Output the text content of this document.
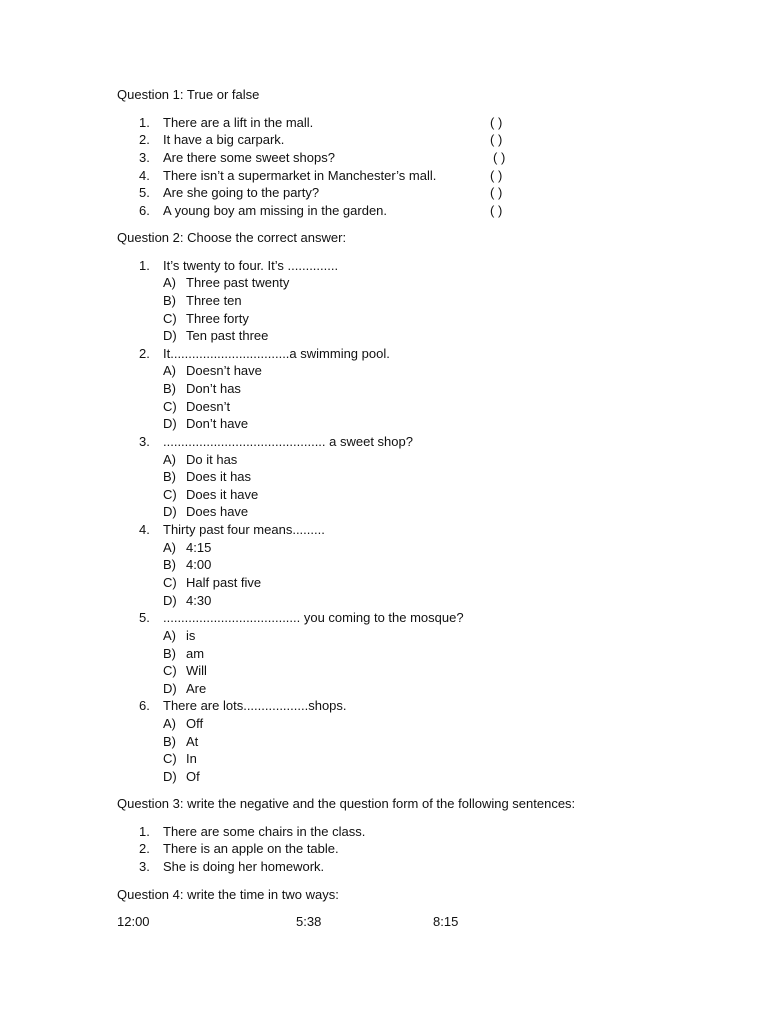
Question 1: True or false
1. There are a lift in the mall.	( )
2. It have a big carpark.	( )
3. Are there some sweet shops?	( )
4. There isn’t a supermarket in Manchester’s mall.	( )
5. Are she going to the party?	( )
6. A young boy am missing in the garden.	( )
Question 2: Choose the correct answer:
1. It’s twenty to four. It’s ..............
A) Three past twenty
B) Three ten
C) Three forty
D) Ten past three
2. It.................................a swimming pool.
A) Doesn’t have
B) Don’t has
C) Doesn’t
D) Don’t have
3. ............................................. a sweet shop?
A) Do it has
B) Does it has
C) Does it have
D) Does have
4. Thirty past four means.........
A) 4:15
B) 4:00
C) Half past five
D) 4:30
5. ...................................... you coming to the mosque?
A) is
B) am
C) Will
D) Are
6. There are lots..................shops.
A) Off
B) At
C) In
D) Of
Question 3: write the negative and the question form of the following sentences:
1. There are some chairs in the class.
2. There is an apple on the table.
3. She is doing her homework.
Question 4: write the time in two ways:
12:00	5:38	8:15
